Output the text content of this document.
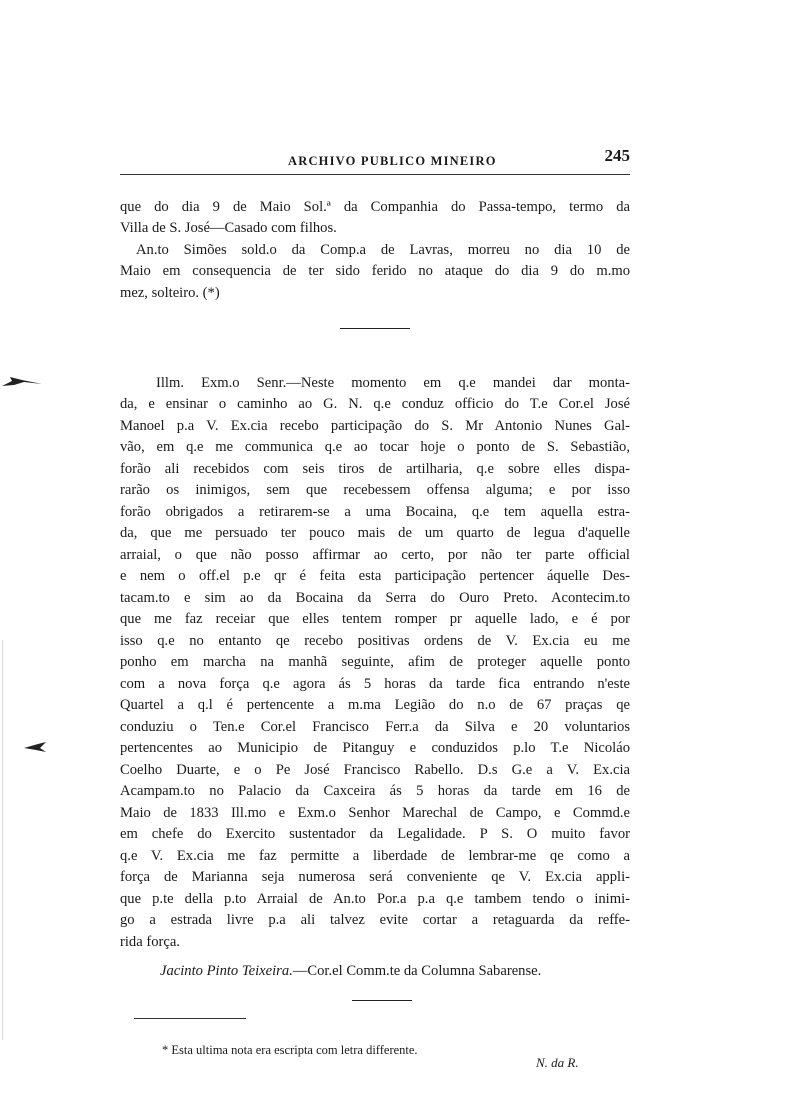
ARCHIVO PUBLICO MINEIRO	245
que do dia 9 de Maio Sol.ª da Companhia do Passa-tempo, termo da
Villa de S. José—Casado com filhos.
An.to Simões sold.o da Comp.a de Lavras, morreu no dia 10 de
Maio em consequencia de ter sido ferido no ataque do dia 9 do m.mo
mez, solteiro. (*)
Illm. Exm.o Senr.—Neste momento em q.e mandei dar monta-
da, e ensinar o caminho ao G. N. q.e conduz officio do T.e Cor.el José
Manoel p.a V. Ex.cia recebo participação do S. Mr Antonio Nunes Gal-
vão, em q.e me communica q.e ao tocar hoje o ponto de S. Sebastião,
forão ali recebidos com seis tiros de artilharia, q.e sobre elles dispa-
rarão os inimigos, sem que recebessem offensa alguma; e por isso
forão obrigados a retirarem-se a uma Bocaina, q.e tem aquella estra-
da, que me persuado ter pouco mais de um quarto de legua d'aquelle
arraial, o que não posso affirmar ao certo, por não ter parte official
e nem o off.el p.e qr é feita esta participação pertencer áquelle Des-
tacam.to e sim ao da Bocaina da Serra do Ouro Preto. Acontecim.to
que me faz receiar que elles tentem romper pr aquelle lado, e é por
isso q.e no entanto qe recebo positivas ordens de V. Ex.cia eu me
ponho em marcha na manhã seguinte, afim de proteger aquelle ponto
com a nova força q.e agora ás 5 horas da tarde fica entrando n'este
Quartel a q.l é pertencente a m.ma Legião do n.o de 67 praças qe
conduziu o Ten.e Cor.el Francisco Ferr.a da Silva e 20 voluntarios
pertencentes ao Municipio de Pitanguy e conduzidos p.lo T.e Nicoláo
Coelho Duarte, e o Pe José Francisco Rabello. D.s G.e a V. Ex.cia
Acampam.to no Palacio da Caxceira ás 5 horas da tarde em 16 de
Maio de 1833 Ill.mo e Exm.o Senhor Marechal de Campo, e Commd.e
em chefe do Exercito sustentador da Legalidade. P S. O muito favor
q.e V. Ex.cia me faz permitte a liberdade de lembrar-me qe como a
força de Marianna seja numerosa será conveniente qe V. Ex.cia appli-
que p.te della p.to Arraial de An.to Por.a p.a q.e tambem tendo o inimi-
go a estrada livre p.a ali talvez evite cortar a retaguarda da reffe-
rida força.
Jacinto Pinto Teixeira.—Cor.el Comm.te da Columna Sabarense.
* Esta ultima nota era escripta com letra differente.
N. da R.
